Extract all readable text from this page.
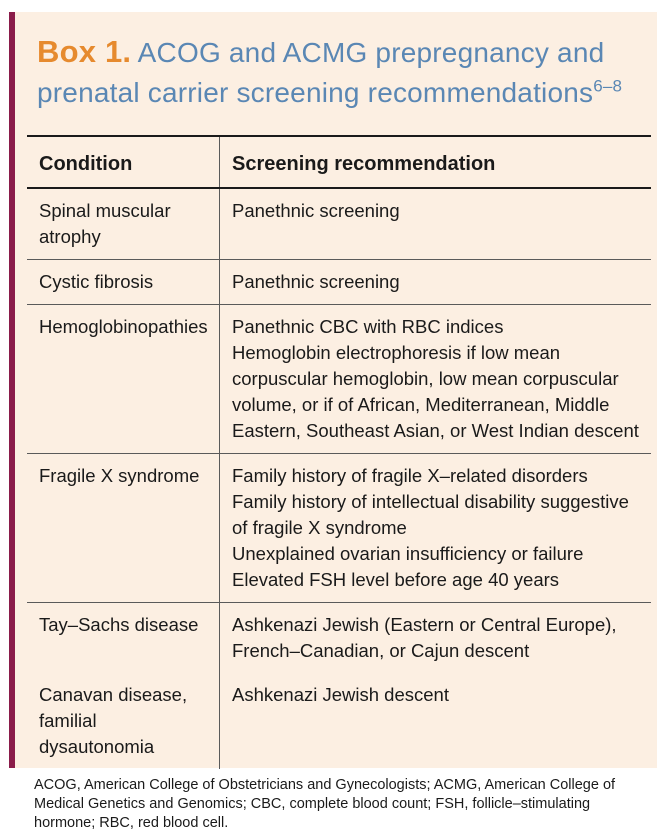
Box 1. ACOG and ACMG prepregnancy and prenatal carrier screening recommendations$^{6-8}$
Condition	Screening recommendation
Spinal muscular atrophy	Panethnic screening

Cystic fibrosis	Panethnic screening

Hemoglobinopathies	Panethnic CBC with RBC indices
Hemoglobin electrophoresis if low mean corpuscular hemoglobin, low mean corpuscular volume, or if of African, Mediterranean, Middle Eastern, Southeast Asian, or West Indian descent

Fragile X syndrome	Family history of fragile X–related disorders
Family history of intellectual disability suggestive of fragile X syndrome
Unexplained ovarian insufficiency or failure
Elevated FSH level before age 40 years

Tay–Sachs disease	Ashkenazi Jewish (Eastern or Central Europe), French–Canadian, or Cajun descent

Canavan disease, familial dysautonomia	Ashkenazi Jewish descent
ACOG, American College of Obstetricians and Gynecologists; ACMG, American College of Medical Genetics and Genomics; CBC, complete blood count; FSH, follicle–stimulating hormone; RBC, red blood cell.
